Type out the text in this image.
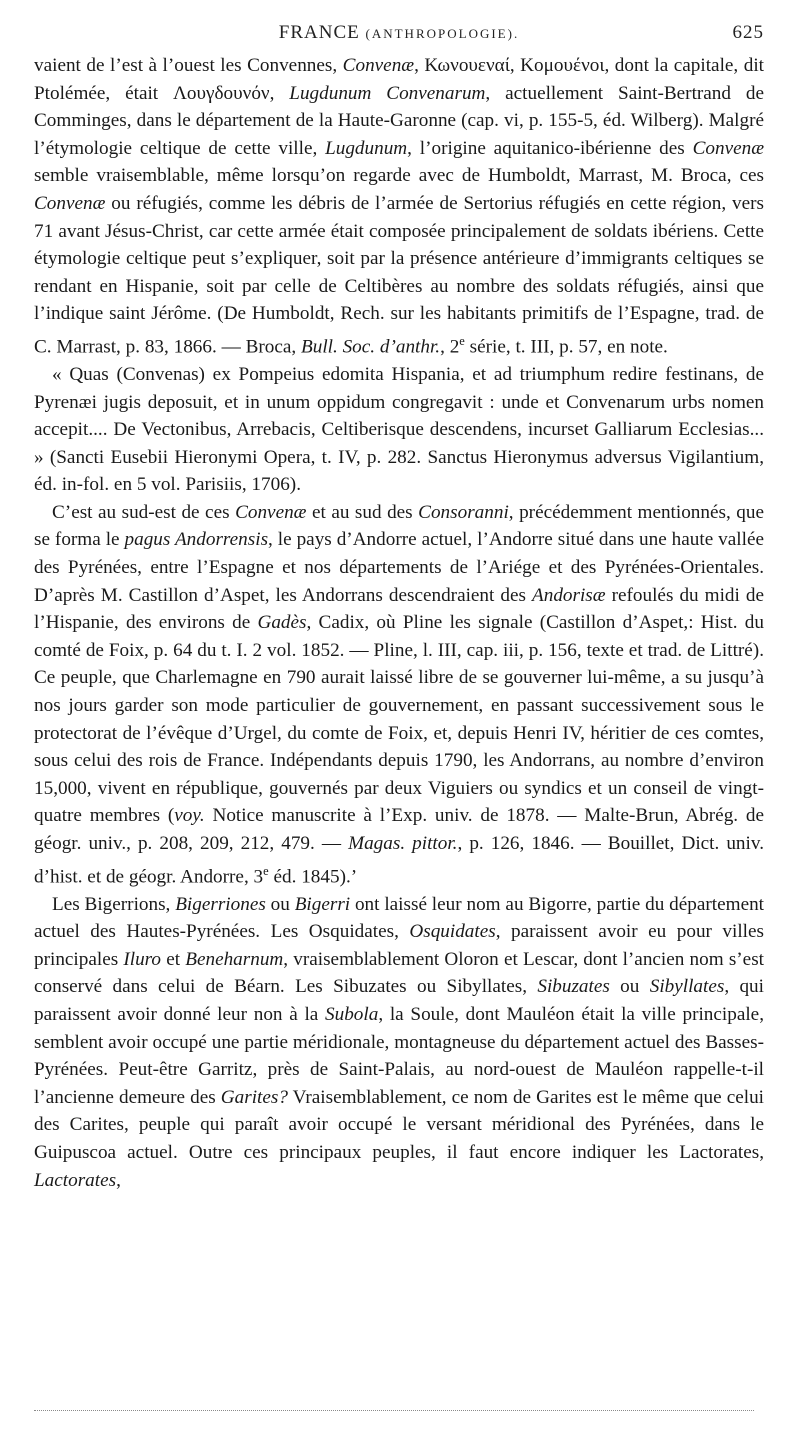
FRANCE (ANTHROPOLOGIE).	625

vaient de l’est à l’ouest les Convennes, Convenæ, Κωνουεναί, Κομουένοι, dont la capitale, dit Ptolémée, était Λουγδουνόν, Lugdunum Convenarum, actuellement Saint-Bertrand de Comminges, dans le département de la Haute-Garonne (cap. vi, p. 155-5, éd. Wilberg). Malgré l’étymologie celtique de cette ville, Lugdunum, l’origine aquitanico-ibérienne des Convenæ semble vraisemblable, même lorsqu’on regarde avec de Humboldt, Marrast, M. Broca, ces Convenæ ou réfugiés, comme les débris de l’armée de Sertorius réfugiés en cette région, vers 71 avant Jésus-Christ, car cette armée était composée principalement de soldats ibériens. Cette étymologie celtique peut s’expliquer, soit par la présence antérieure d’immigrants celtiques se rendant en Hispanie, soit par celle de Celtibères au nombre des soldats réfugiés, ainsi que l’indique saint Jérôme. (De Humboldt, Rech. sur les habitants primitifs de l’Espagne, trad. de C. Marrast, p. 83, 1866. — Broca, Bull. Soc. d’anthr., 2e série, t. III, p. 57, en note.

« Quas (Convenas) ex Pompeius edomita Hispania, et ad triumphum redire festinans, de Pyrenæi jugis deposuit, et in unum oppidum congregavit : unde et Convenarum urbs nomen accepit.... De Vectonibus, Arrebacis, Celtiberisque descendens, incurset Galliarum Ecclesias... » (Sancti Eusebii Hieronymi Opera, t. IV, p. 282. Sanctus Hieronymus adversus Vigilantium, éd. in-fol. en 5 vol. Parisiis, 1706).

C’est au sud-est de ces Convenæ et au sud des Consoranni, précédemment mentionnés, que se forma le pagus Andorrensis, le pays d’Andorre actuel, l’Andorre situé dans une haute vallée des Pyrénées, entre l’Espagne et nos départements de l’Ariége et des Pyrénées-Orientales. D’après M. Castillon d’Aspet, les Andorrans descendraient des Andorisæ refoulés du midi de l’Hispanie, des environs de Gadès, Cadix, où Pline les signale (Castillon d’Aspet,: Hist. du comté de Foix, p. 64 du t. I. 2 vol. 1852. — Pline, l. III, cap. iii, p. 156, texte et trad. de Littré). Ce peuple, que Charlemagne en 790 aurait laissé libre de se gouverner lui-même, a su jusqu’à nos jours garder son mode particulier de gouvernement, en passant successivement sous le protectorat de l’évêque d’Urgel, du comte de Foix, et, depuis Henri IV, héritier de ces comtes, sous celui des rois de France. Indépendants depuis 1790, les Andorrans, au nombre d’environ 15,000, vivent en république, gouvernés par deux Viguiers ou syndics et un conseil de vingt-quatre membres (voy. Notice manuscrite à l’Exp. univ. de 1878. — Malte-Brun, Abrég. de géogr. univ., p. 208, 209, 212, 479. — Magas. pittor., p. 126, 1846. — Bouillet, Dict. univ. d’hist. et de géogr. Andorre, 3e éd. 1845).’

Les Bigerrions, Bigerriones ou Bigerri ont laissé leur nom au Bigorre, partie du département actuel des Hautes-Pyrénées. Les Osquidates, Osquidates, paraissent avoir eu pour villes principales Iluro et Beneharnum, vraisemblablement Oloron et Lescar, dont l’ancien nom s’est conservé dans celui de Béarn. Les Sibuzates ou Sibyllates, Sibuzates ou Sibyllates, qui paraissent avoir donné leur non à la Subola, la Soule, dont Mauléon était la ville principale, semblent avoir occupé une partie méridionale, montagneuse du département actuel des Basses-Pyrénées. Peut-être Garritz, près de Saint-Palais, au nord-ouest de Mauléon rappelle-t-il l’ancienne demeure des Garites? Vraisemblablement, ce nom de Garites est le même que celui des Carites, peuple qui paraît avoir occupé le versant méridional des Pyrénées, dans le Guipuscoa actuel. Outre ces principaux peuples, il faut encore indiquer les Lactorates, Lactorates,
